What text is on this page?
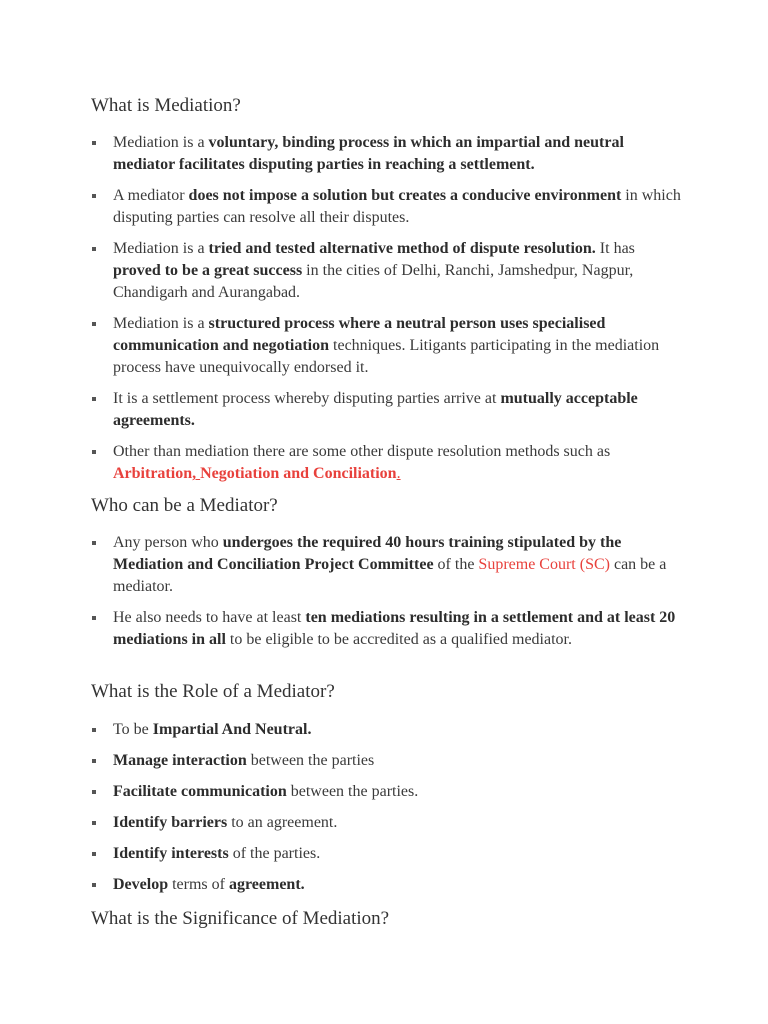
What is Mediation?
Mediation is a voluntary, binding process in which an impartial and neutral mediator facilitates disputing parties in reaching a settlement.
A mediator does not impose a solution but creates a conducive environment in which disputing parties can resolve all their disputes.
Mediation is a tried and tested alternative method of dispute resolution. It has proved to be a great success in the cities of Delhi, Ranchi, Jamshedpur, Nagpur, Chandigarh and Aurangabad.
Mediation is a structured process where a neutral person uses specialised communication and negotiation techniques. Litigants participating in the mediation process have unequivocally endorsed it.
It is a settlement process whereby disputing parties arrive at mutually acceptable agreements.
Other than mediation there are some other dispute resolution methods such as Arbitration, Negotiation and Conciliation.
Who can be a Mediator?
Any person who undergoes the required 40 hours training stipulated by the Mediation and Conciliation Project Committee of the Supreme Court (SC) can be a mediator.
He also needs to have at least ten mediations resulting in a settlement and at least 20 mediations in all to be eligible to be accredited as a qualified mediator.
What is the Role of a Mediator?
To be Impartial And Neutral.
Manage interaction between the parties
Facilitate communication between the parties.
Identify barriers to an agreement.
Identify interests of the parties.
Develop terms of agreement.
What is the Significance of Mediation?
